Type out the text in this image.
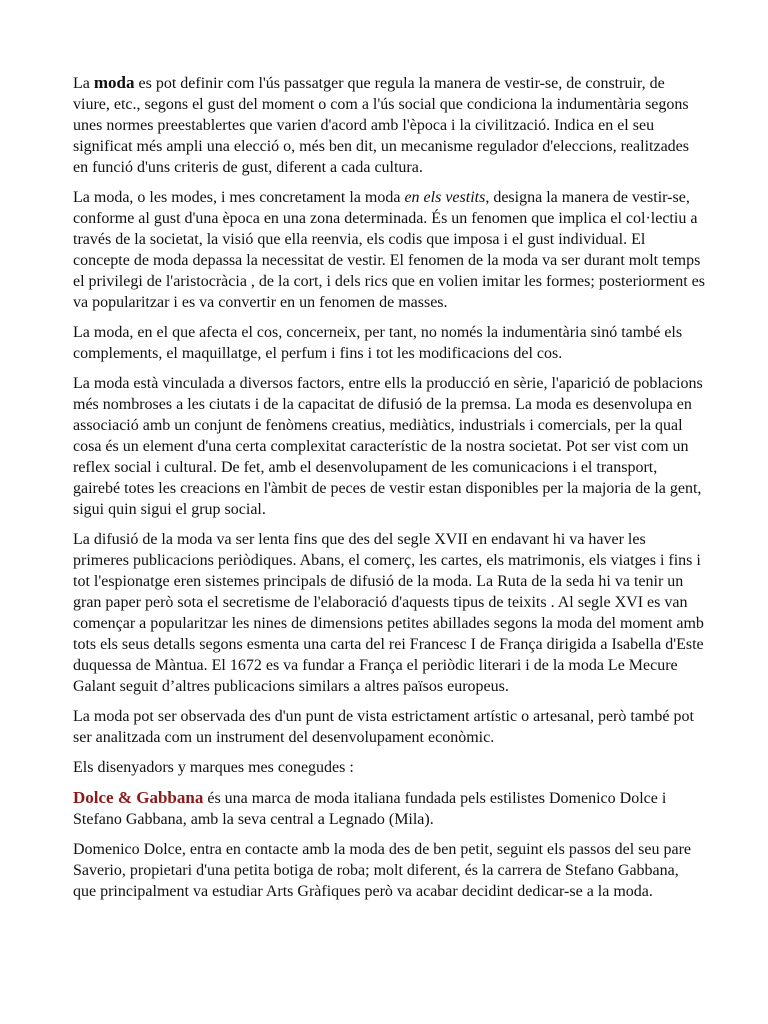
La moda es pot definir com l'ús passatger que regula la manera de vestir-se, de construir, de viure, etc., segons el gust del moment o com a l'ús social que condiciona la indumentària segons unes normes preestablertes que varien d'acord amb l'època i la civilització. Indica en el seu significat més ampli una elecció o, més ben dit, un mecanisme regulador d'eleccions, realitzades en funció d'uns criteris de gust, diferent a cada cultura.

La moda, o les modes, i mes concretament la moda en els vestits, designa la manera de vestir-se, conforme al gust d'una època en una zona determinada. És un fenomen que implica el col·lectiu a través de la societat, la visió que ella reenvia, els codis que imposa i el gust individual. El concepte de moda depassa la necessitat de vestir. El fenomen de la moda va ser durant molt temps el privilegi de l'aristocràcia , de la cort, i dels rics que en volien imitar les formes; posteriorment es va popularitzar i es va convertir en un fenomen de masses.

La moda, en el que afecta el cos, concerneix, per tant, no només la indumentària sinó també els complements, el maquillatge, el perfum i fins i tot les modificacions del cos.

La moda està vinculada a diversos factors, entre ells la producció en sèrie, l'aparició de poblacions més nombroses a les ciutats i de la capacitat de difusió de la premsa. La moda es desenvolupa en associació amb un conjunt de fenòmens creatius, mediàtics, industrials i comercials, per la qual cosa és un element d'una certa complexitat característic de la nostra societat. Pot ser vist com un reflex social i cultural. De fet, amb el desenvolupament de les comunicacions i el transport, gairebé totes les creacions en l'àmbit de peces de vestir estan disponibles per la majoria de la gent, sigui quin sigui el grup social.

La difusió de la moda va ser lenta fins que des del segle XVII en endavant hi va haver les primeres publicacions periòdiques. Abans, el comerç, les cartes, els matrimonis, els viatges i fins i tot l'espionatge eren sistemes principals de difusió de la moda. La Ruta de la seda hi va tenir un gran paper però sota el secretisme de l'elaboració d'aquests tipus de teixits . Al segle XVI es van començar a popularitzar les nines de dimensions petites abillades segons la moda del moment amb tots els seus detalls segons esmenta una carta del rei Francesc I de França dirigida a Isabella d'Este duquessa de Màntua. El 1672 es va fundar a França el periòdic literari i de la moda Le Mecure Galant seguit d’altres publicacions similars a altres països europeus.

La moda pot ser observada des d'un punt de vista estrictament artístic o artesanal, però també pot ser analitzada com un instrument del desenvolupament econòmic.

Els disenyadors y marques mes conegudes :

Dolce & Gabbana és una marca de moda italiana fundada pels estilistes Domenico Dolce i Stefano Gabbana, amb la seva central a Legnado (Mila).

Domenico Dolce, entra en contacte amb la moda des de ben petit, seguint els passos del seu pare Saverio, propietari d'una petita botiga de roba; molt diferent, és la carrera de Stefano Gabbana, que principalment va estudiar Arts Gràfiques però va acabar decidint dedicar-se a la moda.
